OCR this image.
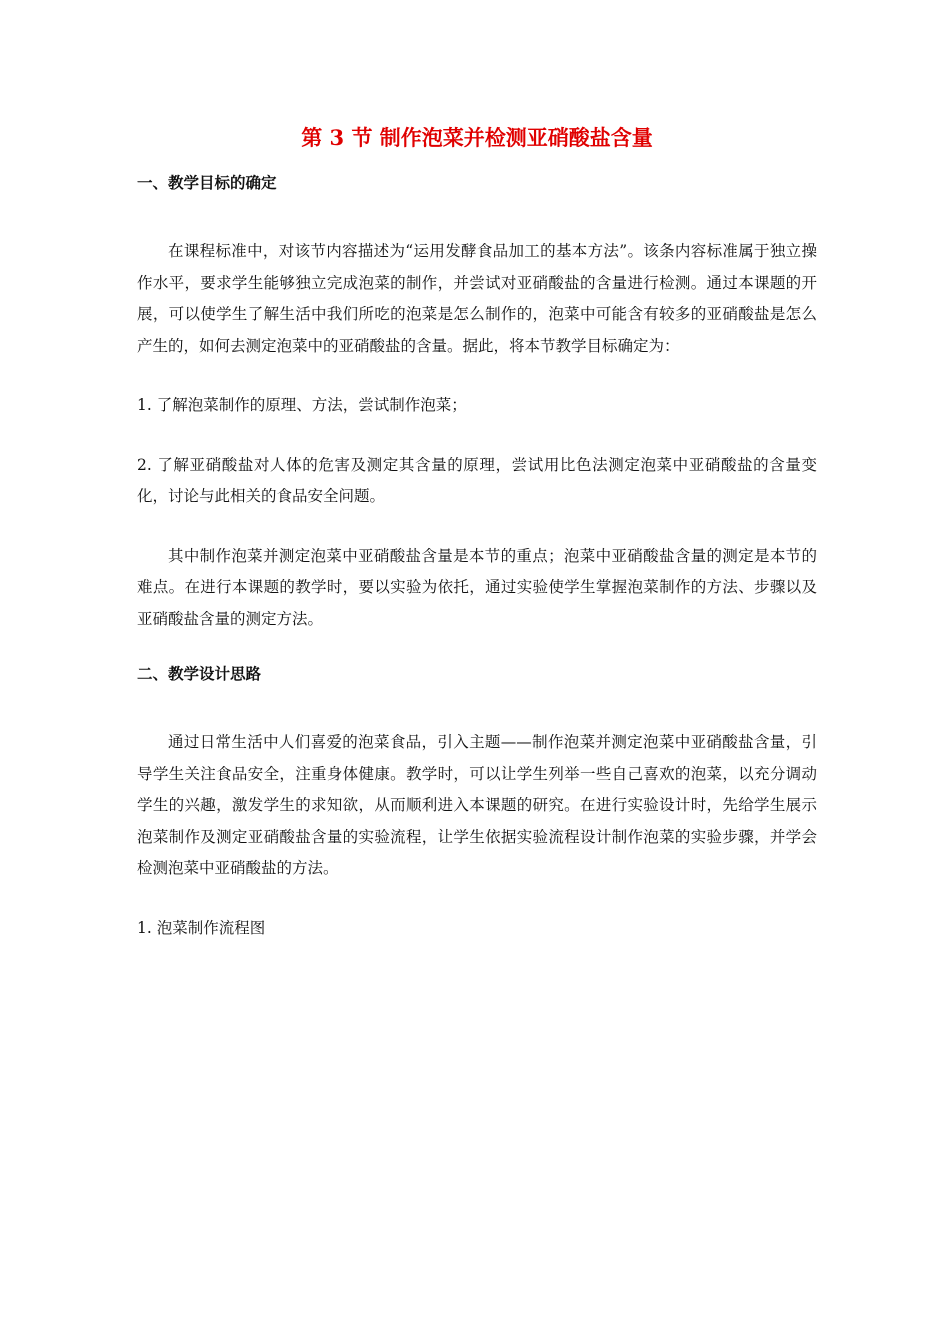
第 3 节 制作泡菜并检测亚硝酸盐含量
一、教学目标的确定

在课程标准中，对该节内容描述为“运用发酵食品加工的基本方法”。该条内容标准属于独立操作水平，要求学生能够独立完成泡菜的制作，并尝试对亚硝酸盐的含量进行检测。通过本课题的开展，可以使学生了解生活中我们所吃的泡菜是怎么制作的，泡菜中可能含有较多的亚硝酸盐是怎么产生的，如何去测定泡菜中的亚硝酸盐的含量。据此，将本节教学目标确定为：

1. 了解泡菜制作的原理、方法，尝试制作泡菜；

2. 了解亚硝酸盐对人体的危害及测定其含量的原理，尝试用比色法测定泡菜中亚硝酸盐的含量变化，讨论与此相关的食品安全问题。

其中制作泡菜并测定泡菜中亚硝酸盐含量是本节的重点；泡菜中亚硝酸盐含量的测定是本节的难点。在进行本课题的教学时，要以实验为依托，通过实验使学生掌握泡菜制作的方法、步骤以及亚硝酸盐含量的测定方法。

二、教学设计思路

通过日常生活中人们喜爱的泡菜食品，引入主题——制作泡菜并测定泡菜中亚硝酸盐含量，引导学生关注食品安全，注重身体健康。教学时，可以让学生列举一些自己喜欢的泡菜，以充分调动学生的兴趣，激发学生的求知欲，从而顺利进入本课题的研究。在进行实验设计时，先给学生展示泡菜制作及测定亚硝酸盐含量的实验流程，让学生依据实验流程设计制作泡菜的实验步骤，并学会检测泡菜中亚硝酸盐的方法。

1. 泡菜制作流程图
